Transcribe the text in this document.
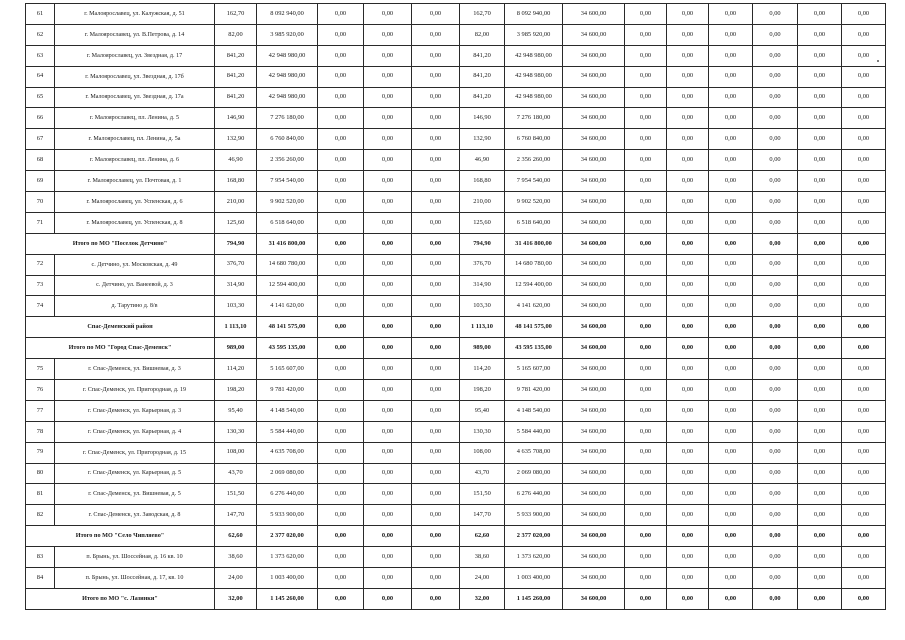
61	г. Малоярославец, ул. Калужская, д. 51	162,70	8 092 940,00	0,00	0,00	0,00	162,70	8 092 940,00	34 600,00	0,00	0,00	0,00	0,00	0,00	0,00
62	г. Малоярославец, ул. В.Петрова, д. 14	82,00	3 985 920,00	0,00	0,00	0,00	82,00	3 985 920,00	34 600,00	0,00	0,00	0,00	0,00	0,00	0,00
63	г. Малоярославец, ул. Звездная, д. 17	841,20	42 948 980,00	0,00	0,00	0,00	841,20	42 948 980,00	34 600,00	0,00	0,00	0,00	0,00	0,00	0,00
64	г. Малоярославец, ул. Звездная, д. 17б	841,20	42 948 980,00	0,00	0,00	0,00	841,20	42 948 980,00	34 600,00	0,00	0,00	0,00	0,00	0,00	0,00
65	г. Малоярославец, ул. Звездная, д. 17а	841,20	42 948 980,00	0,00	0,00	0,00	841,20	42 948 980,00	34 600,00	0,00	0,00	0,00	0,00	0,00	0,00
66	г. Малоярославец, пл. Ленина, д. 5	146,90	7 276 180,00	0,00	0,00	0,00	146,90	7 276 180,00	34 600,00	0,00	0,00	0,00	0,00	0,00	0,00
67	г. Малоярославец, пл. Ленина, д. 5а	132,90	6 760 840,00	0,00	0,00	0,00	132,90	6 760 840,00	34 600,00	0,00	0,00	0,00	0,00	0,00	0,00
68	г. Малоярославец, пл. Ленина, д. 6	46,90	2 356 260,00	0,00	0,00	0,00	46,90	2 356 260,00	34 600,00	0,00	0,00	0,00	0,00	0,00	0,00
69	г. Малоярославец, ул. Почтовая, д. 1	168,80	7 954 540,00	0,00	0,00	0,00	168,80	7 954 540,00	34 600,00	0,00	0,00	0,00	0,00	0,00	0,00
70	г. Малоярославец, ул. Успенская, д. 6	210,00	9 902 520,00	0,00	0,00	0,00	210,00	9 902 520,00	34 600,00	0,00	0,00	0,00	0,00	0,00	0,00
71	г. Малоярославец, ул. Успенская, д. 8	125,60	6 518 640,00	0,00	0,00	0,00	125,60	6 518 640,00	34 600,00	0,00	0,00	0,00	0,00	0,00	0,00
Итого по МО "Поселок Детчино"		794,90	31 416 800,00	0,00	0,00	0,00	794,90	31 416 800,00	34 600,00	0,00	0,00	0,00	0,00	0,00	0,00
72	с. Детчино, ул. Московская, д. 49	376,70	14 680 780,00	0,00	0,00	0,00	376,70	14 680 780,00	34 600,00	0,00	0,00	0,00	0,00	0,00	0,00
73	с. Детчино, ул. Ванеевой, д. 3	314,90	12 594 400,00	0,00	0,00	0,00	314,90	12 594 400,00	34 600,00	0,00	0,00	0,00	0,00	0,00	0,00
74	д. Тарутино д. 8/в	103,30	4 141 620,00	0,00	0,00	0,00	103,30	4 141 620,00	34 600,00	0,00	0,00	0,00	0,00	0,00	0,00
Спас-Деменский район		1 113,10	48 141 575,00	0,00	0,00	0,00	1 113,10	48 141 575,00	34 600,00	0,00	0,00	0,00	0,00	0,00	0,00
Итого по МО "Город Спас-Деменск"		989,00	43 595 135,00	0,00	0,00	0,00	989,00	43 595 135,00	34 600,00	0,00	0,00	0,00	0,00	0,00	0,00
75	г. Спас-Деменск, ул. Вишневая, д. 3	114,20	5 165 607,00	0,00	0,00	0,00	114,20	5 165 607,00	34 600,00	0,00	0,00	0,00	0,00	0,00	0,00
76	г. Спас-Деменск, ул. Пригородная, д. 19	198,20	9 781 420,00	0,00	0,00	0,00	198,20	9 781 420,00	34 600,00	0,00	0,00	0,00	0,00	0,00	0,00
77	г. Спас-Деменск, ул. Карьерная, д. 3	95,40	4 148 540,00	0,00	0,00	0,00	95,40	4 148 540,00	34 600,00	0,00	0,00	0,00	0,00	0,00	0,00
78	г. Спас-Деменск, ул. Карьерная, д. 4	130,30	5 584 440,00	0,00	0,00	0,00	130,30	5 584 440,00	34 600,00	0,00	0,00	0,00	0,00	0,00	0,00
79	г. Спас-Деменск, ул. Пригородная, д. 15	108,00	4 635 708,00	0,00	0,00	0,00	108,00	4 635 708,00	34 600,00	0,00	0,00	0,00	0,00	0,00	0,00
80	г. Спас-Деменск, ул. Карьерная, д. 5	43,70	2 069 080,00	0,00	0,00	0,00	43,70	2 069 080,00	34 600,00	0,00	0,00	0,00	0,00	0,00	0,00
81	г. Спас-Деменск, ул. Вишневая, д. 5	151,50	6 276 440,00	0,00	0,00	0,00	151,50	6 276 440,00	34 600,00	0,00	0,00	0,00	0,00	0,00	0,00
82	г. Спас-Деменск, ул. Заводская, д. 8	147,70	5 933 900,00	0,00	0,00	0,00	147,70	5 933 900,00	34 600,00	0,00	0,00	0,00	0,00	0,00	0,00
Итого по МО "Село Чипляево"		62,60	2 377 020,00	0,00	0,00	0,00	62,60	2 377 020,00	34 600,00	0,00	0,00	0,00	0,00	0,00	0,00
83	п. Брынь, ул. Шоссейная, д. 16 кв. 10	38,60	1 373 620,00	0,00	0,00	0,00	38,60	1 373 620,00	34 600,00	0,00	0,00	0,00	0,00	0,00	0,00
84	п. Брынь, ул. Шоссейная, д. 17, кв. 10	24,00	1 003 400,00	0,00	0,00	0,00	24,00	1 003 400,00	34 600,00	0,00	0,00	0,00	0,00	0,00	0,00
Итого по МО "с. Лазинки"		32,00	1 145 260,00	0,00	0,00	0,00	32,00	1 145 260,00	34 600,00	0,00	0,00	0,00	0,00	0,00	0,00
